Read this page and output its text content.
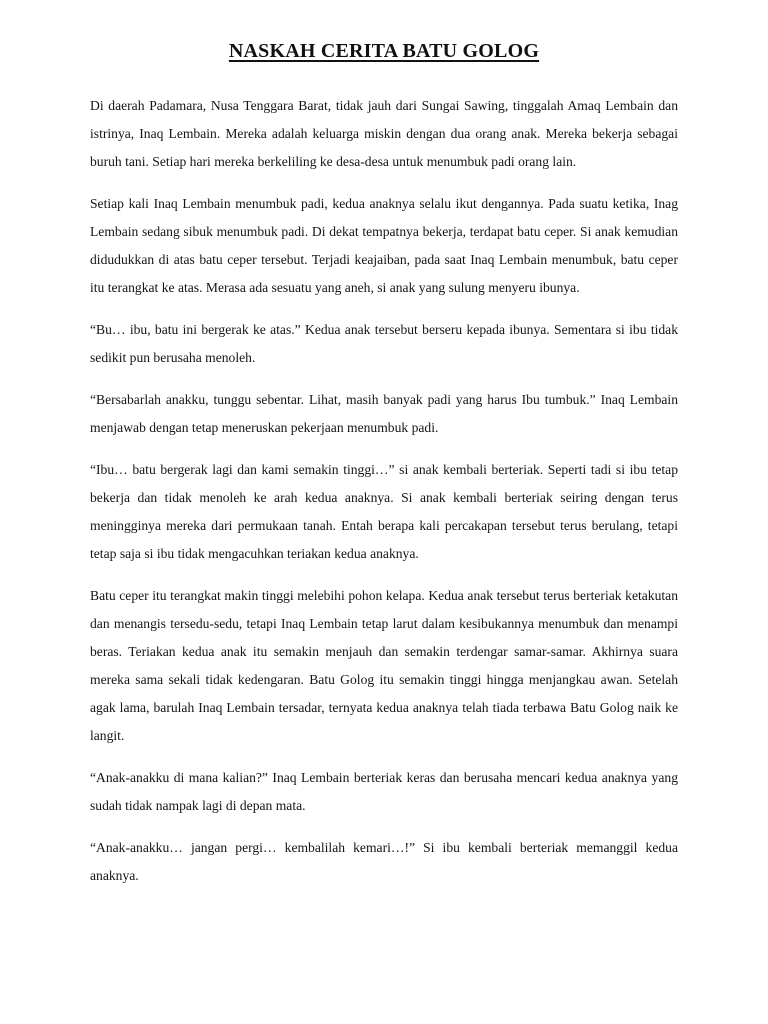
NASKAH CERITA BATU GOLOG

Di daerah Padamara, Nusa Tenggara Barat, tidak jauh dari Sungai Sawing, tinggalah Amaq Lembain dan istrinya, Inaq Lembain. Mereka adalah keluarga miskin dengan dua orang anak. Mereka bekerja sebagai buruh tani. Setiap hari mereka berkeliling ke desa-desa untuk menumbuk padi orang lain.

Setiap kali Inaq Lembain menumbuk padi, kedua anaknya selalu ikut dengannya. Pada suatu ketika, Inag Lembain sedang sibuk menumbuk padi. Di dekat tempatnya bekerja, terdapat batu ceper. Si anak kemudian didudukkan di atas batu ceper tersebut. Terjadi keajaiban, pada saat Inaq Lembain menumbuk, batu ceper itu terangkat ke atas. Merasa ada sesuatu yang aneh, si anak yang sulung menyeru ibunya.

“Bu… ibu, batu ini bergerak ke atas.” Kedua anak tersebut berseru kepada ibunya. Sementara si ibu tidak sedikit pun berusaha menoleh.

“Bersabarlah anakku, tunggu sebentar. Lihat, masih banyak padi yang harus Ibu tumbuk.” Inaq Lembain menjawab dengan tetap meneruskan pekerjaan menumbuk padi.

“Ibu… batu bergerak lagi dan kami semakin tinggi…” si anak kembali berteriak. Seperti tadi si ibu tetap bekerja dan tidak menoleh ke arah kedua anaknya. Si anak kembali berteriak seiring dengan terus meningginya mereka dari permukaan tanah. Entah berapa kali percakapan tersebut terus berulang, tetapi tetap saja si ibu tidak mengacuhkan teriakan kedua anaknya.

Batu ceper itu terangkat makin tinggi melebihi pohon kelapa. Kedua anak tersebut terus berteriak ketakutan dan menangis tersedu-sedu, tetapi Inaq Lembain tetap larut dalam kesibukannya menumbuk dan menampi beras. Teriakan kedua anak itu semakin menjauh dan semakin terdengar samar-samar. Akhirnya suara mereka sama sekali tidak kedengaran. Batu Golog itu semakin tinggi hingga menjangkau awan. Setelah agak lama, barulah Inaq Lembain tersadar, ternyata kedua anaknya telah tiada terbawa Batu Golog naik ke langit.

“Anak-anakku di mana kalian?” Inaq Lembain berteriak keras dan berusaha mencari kedua anaknya yang sudah tidak nampak lagi di depan mata.

“Anak-anakku… jangan pergi… kembalilah kemari…!” Si ibu kembali berteriak memanggil kedua anaknya.
